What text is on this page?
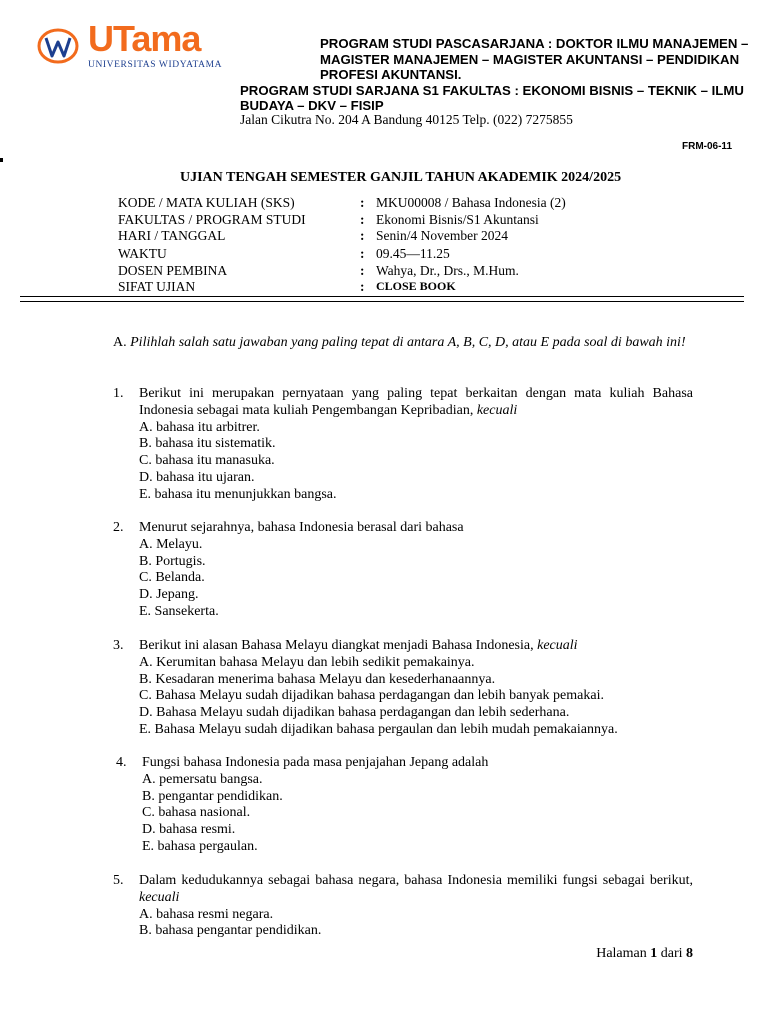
UTama
UNIVERSITAS WIDYATAMA
PROGRAM STUDI PASCASARJANA : DOKTOR ILMU MANAJEMEN –
MAGISTER MANAJEMEN – MAGISTER AKUNTANSI – PENDIDIKAN
PROFESI AKUNTANSI.
PROGRAM STUDI SARJANA S1 FAKULTAS : EKONOMI BISNIS – TEKNIK – ILMU
BUDAYA – DKV – FISIP
Jalan Cikutra No. 204 A Bandung 40125 Telp. (022) 7275855
FRM-06-11
UJIAN TENGAH SEMESTER GANJIL TAHUN AKADEMIK 2024/2025
KODE / MATA KULIAH (SKS)	: MKU00008 / Bahasa Indonesia (2)
FAKULTAS / PROGRAM STUDI	: Ekonomi Bisnis/S1 Akuntansi
HARI / TANGGAL	: Senin/4 November 2024
WAKTU	: 09.45—11.25
DOSEN PEMBINA	: Wahya, Dr., Drs., M.Hum.
SIFAT UJIAN	: CLOSE BOOK
A. Pilihlah salah satu jawaban yang paling tepat di antara A, B, C, D, atau E pada soal di bawah ini!
1. Berikut ini merupakan pernyataan yang paling tepat berkaitan dengan mata kuliah Bahasa Indonesia sebagai mata kuliah Pengembangan Kepribadian, kecuali
A. bahasa itu arbitrer.
B. bahasa itu sistematik.
C. bahasa itu manasuka.
D. bahasa itu ujaran.
E. bahasa itu menunjukkan bangsa.
2. Menurut sejarahnya, bahasa Indonesia berasal dari bahasa
A. Melayu.
B. Portugis.
C. Belanda.
D. Jepang.
E. Sansekerta.
3. Berikut ini alasan Bahasa Melayu diangkat menjadi Bahasa Indonesia, kecuali
A. Kerumitan bahasa Melayu dan lebih sedikit pemakainya.
B. Kesadaran menerima bahasa Melayu dan kesederhanaannya.
C. Bahasa Melayu sudah dijadikan bahasa perdagangan dan lebih banyak pemakai.
D. Bahasa Melayu sudah dijadikan bahasa perdagangan dan lebih sederhana.
E. Bahasa Melayu sudah dijadikan bahasa pergaulan dan lebih mudah pemakaiannya.
4. Fungsi bahasa Indonesia pada masa penjajahan Jepang adalah
A. pemersatu bangsa.
B. pengantar pendidikan.
C. bahasa nasional.
D. bahasa resmi.
E. bahasa pergaulan.
5. Dalam kedudukannya sebagai bahasa negara, bahasa Indonesia memiliki fungsi sebagai berikut, kecuali
A. bahasa resmi negara.
B. bahasa pengantar pendidikan.
Halaman 1 dari 8
